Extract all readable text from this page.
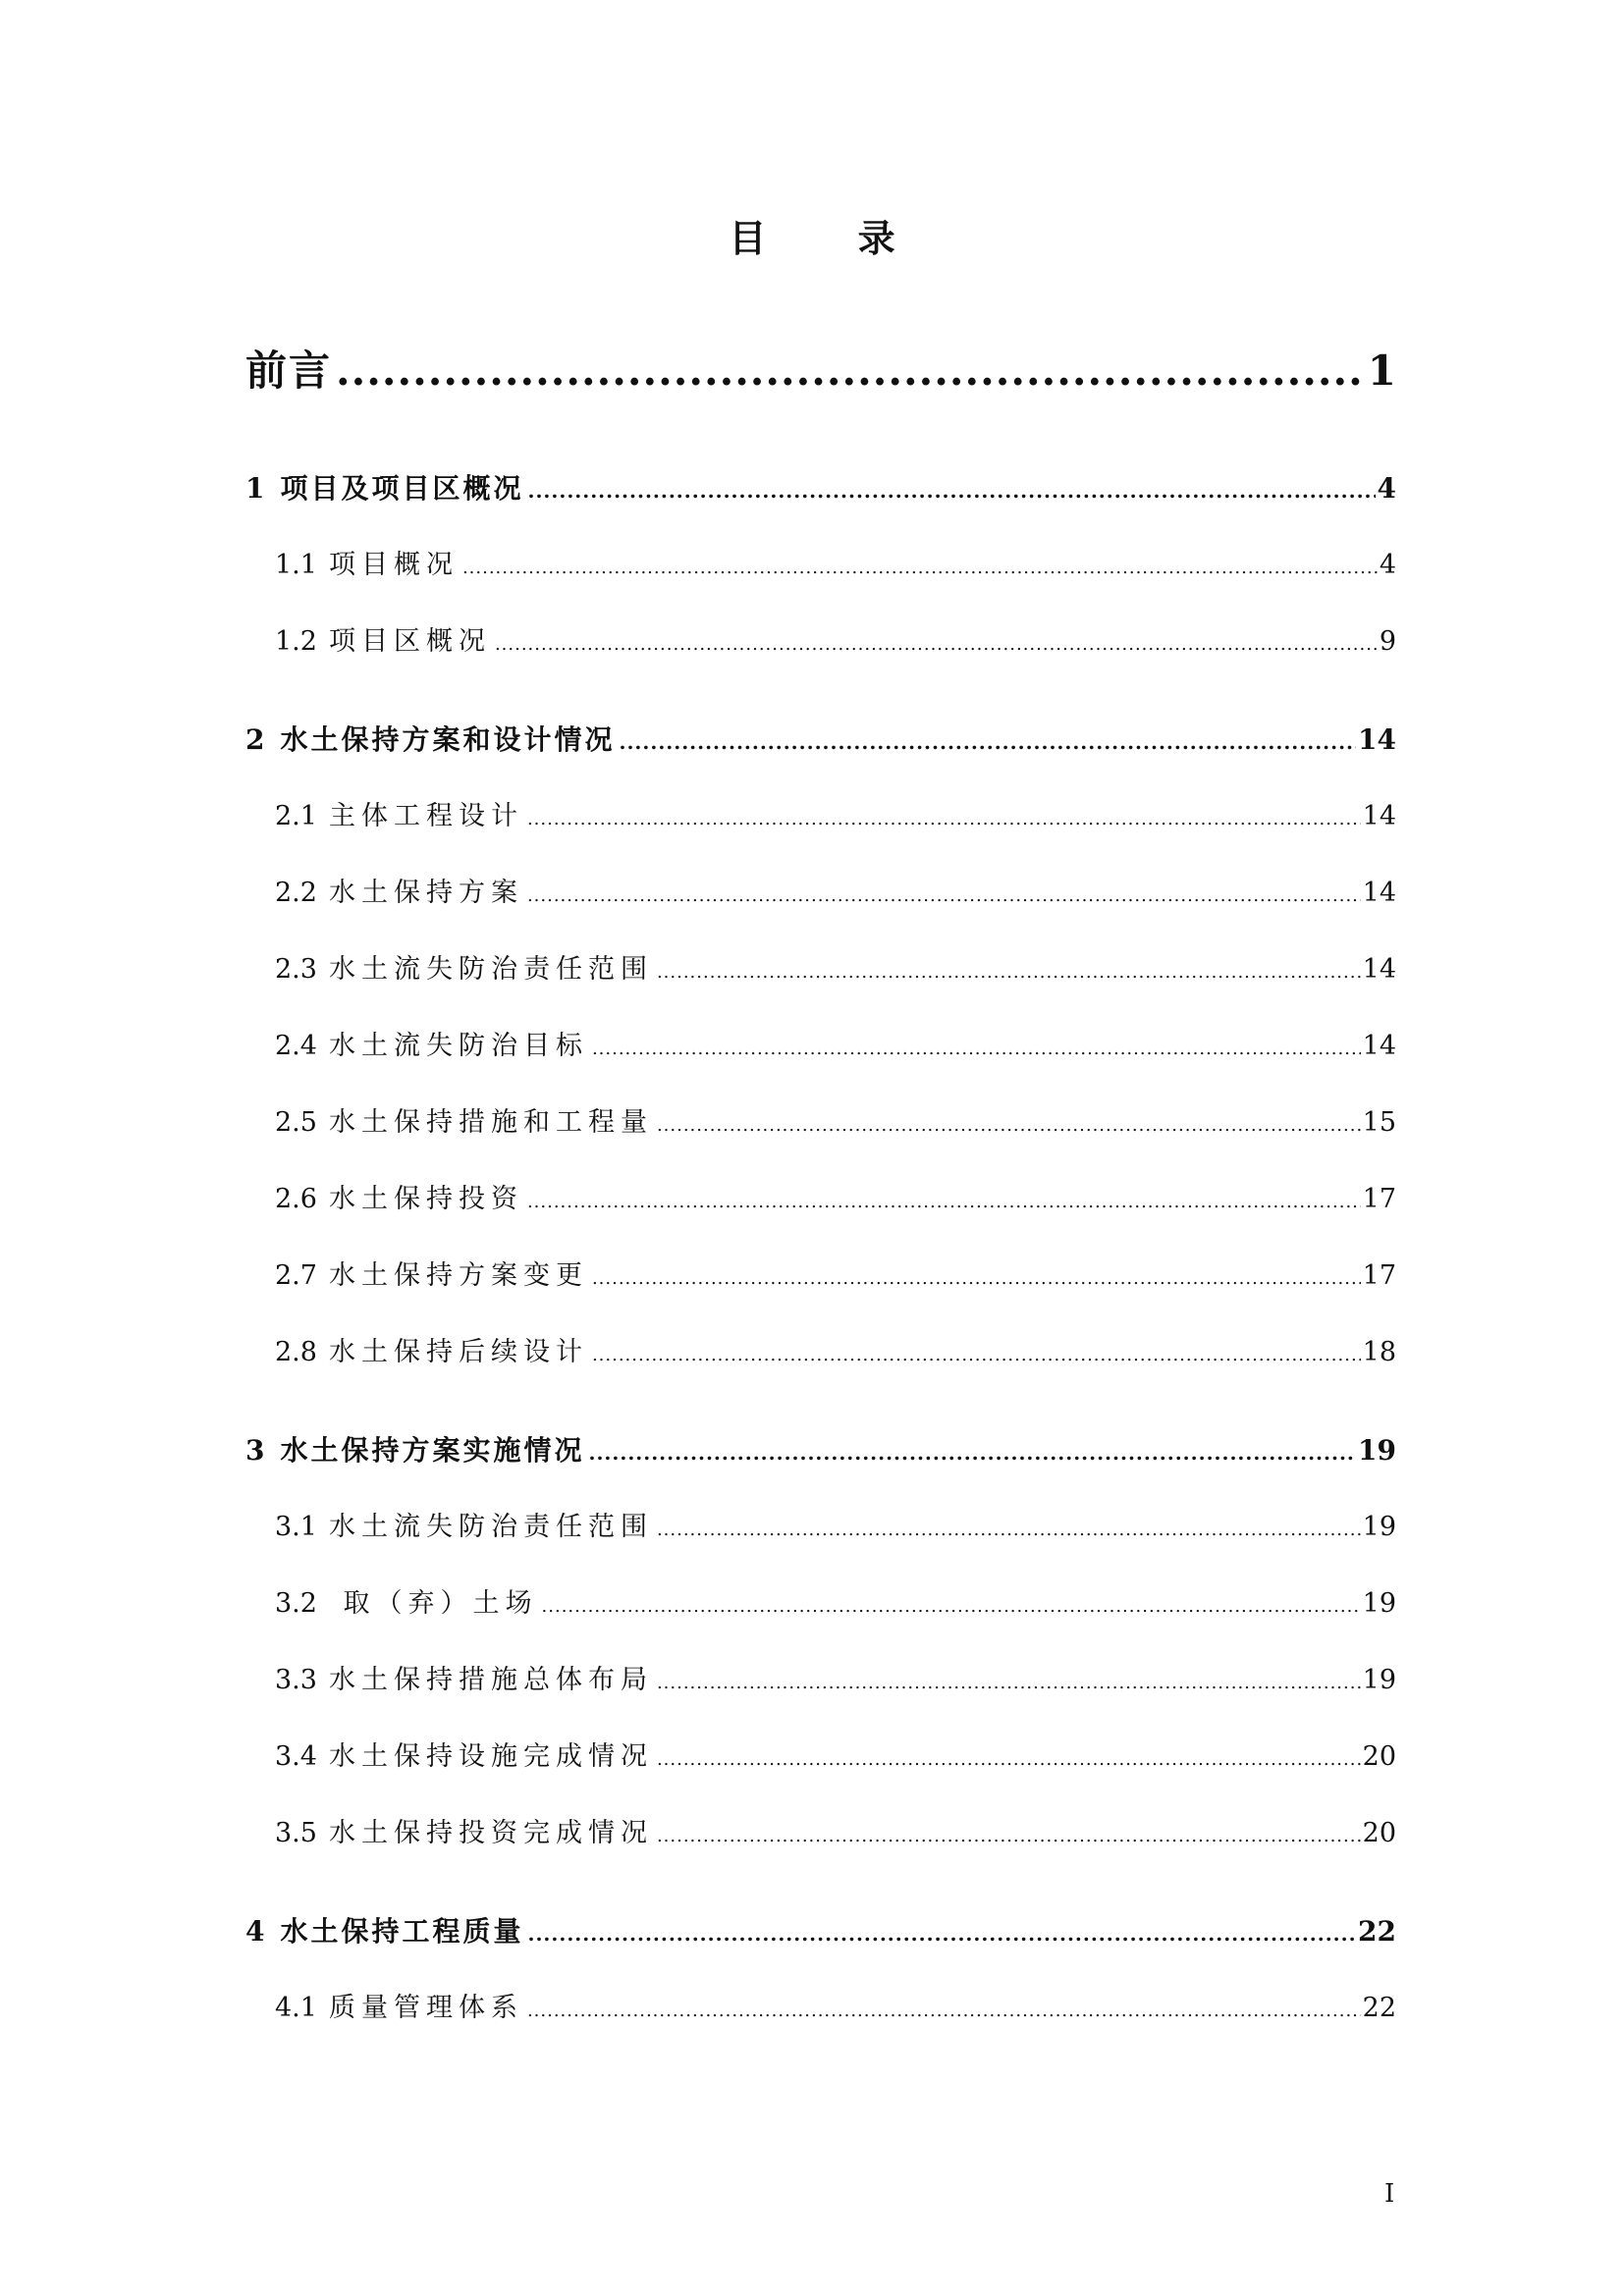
目 录
前言 .....	1
1 项目及项目区概况 .....	4
1.1 项目概况 .....	4
1.2 项目区概况 .....	9
2 水土保持方案和设计情况 .....	14
2.1 主体工程设计 .....	14
2.2 水土保持方案 .....	14
2.3 水土流失防治责任范围 .....	14
2.4 水土流失防治目标 .....	14
2.5 水土保持措施和工程量 .....	15
2.6 水土保持投资 .....	17
2.7 水土保持方案变更 .....	17
2.8 水土保持后续设计 .....	18
3 水土保持方案实施情况 .....	19
3.1 水土流失防治责任范围 .....	19
3.2 取（弃）土场 .....	19
3.3 水土保持措施总体布局 .....	19
3.4 水土保持设施完成情况 .....	20
3.5 水土保持投资完成情况 .....	20
4 水土保持工程质量 .....	22
4.1 质量管理体系 .....	22
I
